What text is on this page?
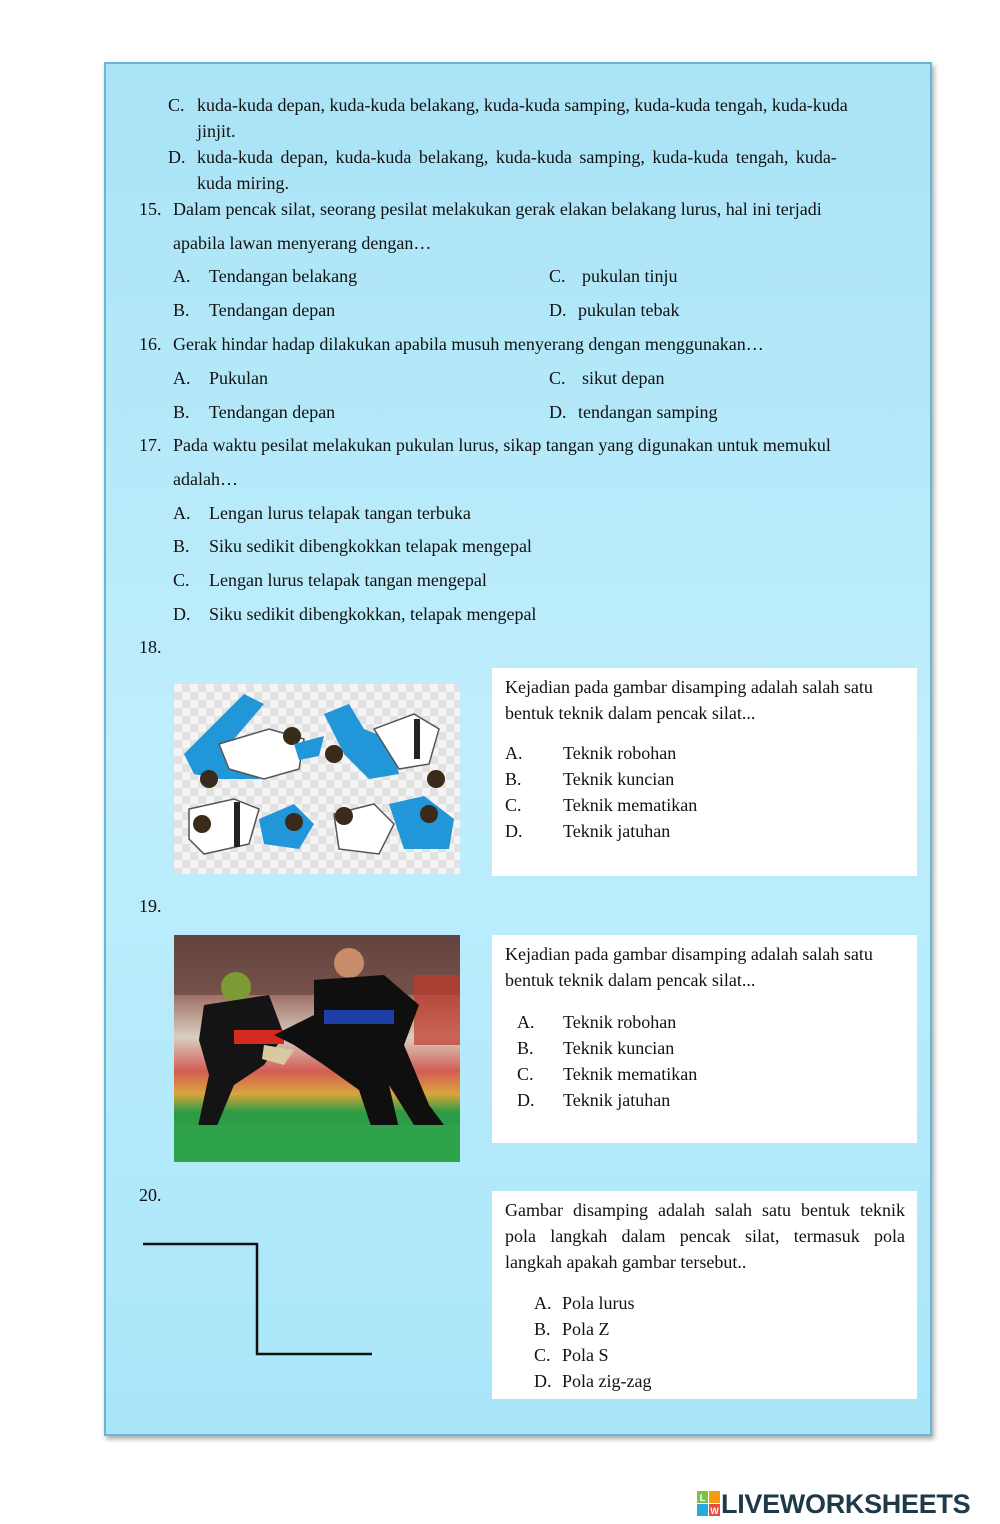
C. kuda-kuda depan, kuda-kuda belakang, kuda-kuda samping, kuda-kuda tengah, kuda-kuda
jinjit.
D. kuda-kuda depan, kuda-kuda belakang, kuda-kuda samping, kuda-kuda tengah, kuda-
kuda miring.
15. Dalam pencak silat, seorang pesilat melakukan gerak elakan belakang lurus, hal ini terjadi
apabila lawan menyerang dengan…
A. Tendangan belakang
B. Tendangan depan
C. pukulan tinju
D. pukulan tebak
16. Gerak hindar hadap dilakukan apabila musuh menyerang dengan menggunakan…
A. Pukulan
B. Tendangan depan
C. sikut depan
D. tendangan samping
17. Pada waktu pesilat melakukan pukulan lurus, sikap tangan yang digunakan untuk memukul
adalah…
A. Lengan lurus telapak tangan terbuka
B. Siku sedikit dibengkokkan telapak mengepal
C. Lengan lurus telapak tangan mengepal
D. Siku sedikit dibengkokkan, telapak mengepal
18.
Kejadian pada gambar disamping adalah salah satu
bentuk teknik dalam pencak silat...
A. Teknik robohan
B. Teknik kuncian
C. Teknik mematikan
D. Teknik jatuhan
19.
Kejadian pada gambar disamping adalah salah satu
bentuk teknik dalam pencak silat...
A. Teknik robohan
B. Teknik kuncian
C. Teknik mematikan
D. Teknik jatuhan
20.
Gambar disamping adalah salah satu bentuk teknik
pola langkah dalam pencak silat, termasuk pola
langkah apakah gambar tersebut..
A. Pola lurus
B. Pola Z
C. Pola S
D. Pola zig-zag
L
W LIVEWORKSHEETS
